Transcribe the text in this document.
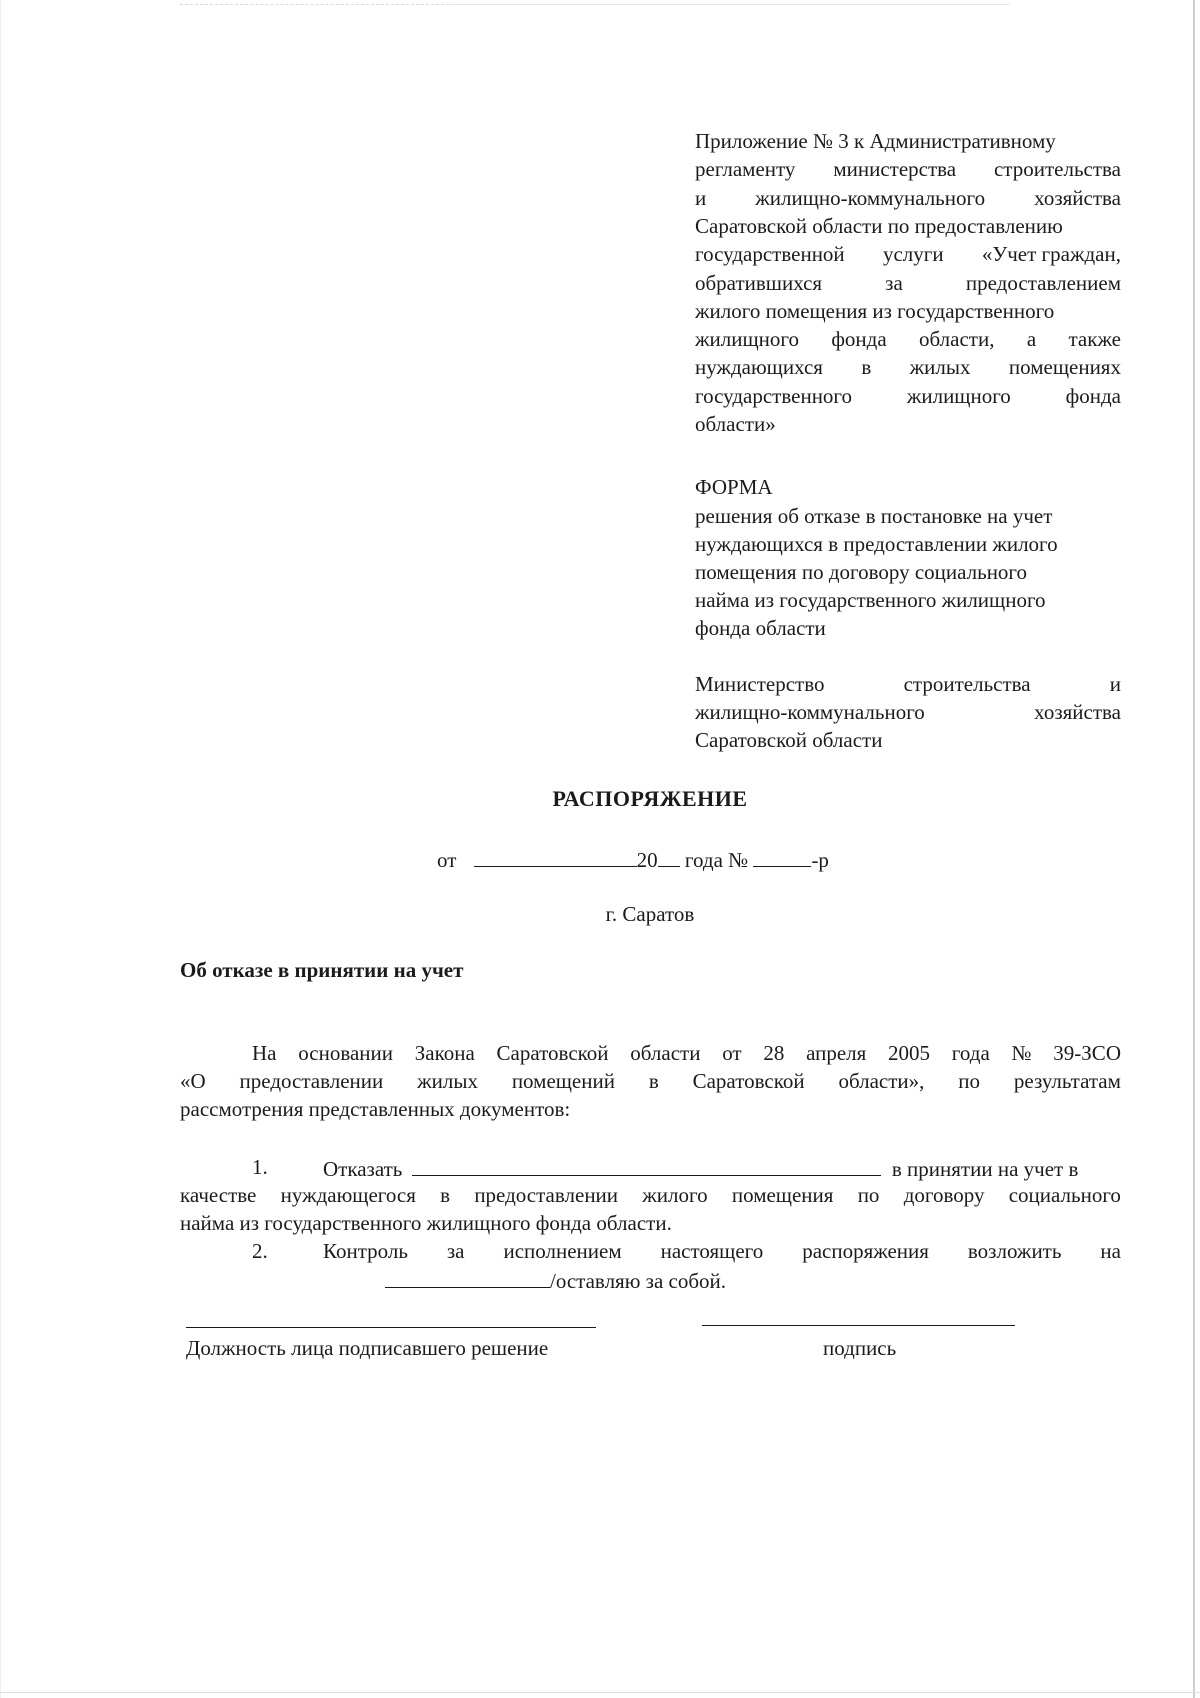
Приложение № 3 к Административному
регламенту министерства строительства
и жилищно-коммунального хозяйства
Саратовской области по предоставлению
государственной услуги «Учет граждан,
обратившихся	за	предоставлением
жилого помещения из государственного
жилищного фонда области, а также
нуждающихся в жилых помещениях
государственного	жилищного	фонда
области»
ФОРМА
решения об отказе в постановке на учет
нуждающихся в предоставлении жилого
помещения по договору социального
найма из государственного жилищного
фонда области
Министерство	строительства	и
жилищно-коммунального	хозяйства
Саратовской области
РАСПОРЯЖЕНИЕ
от	20 года №	-р
г. Саратов
Об отказе в принятии на учет
На основании Закона Саратовской области от 28 апреля 2005 года № 39-ЗСО
«О предоставлении жилых помещений в Саратовской области», по результатам
рассмотрения представленных документов:
1.	Отказать	в принятии на учет в
качестве нуждающегося в предоставлении жилого помещения по договору социального
найма из государственного жилищного фонда области.
2.	Контроль за исполнением настоящего распоряжения возложить на
/оставляю за собой.
Должность лица подписавшего решение	подпись
